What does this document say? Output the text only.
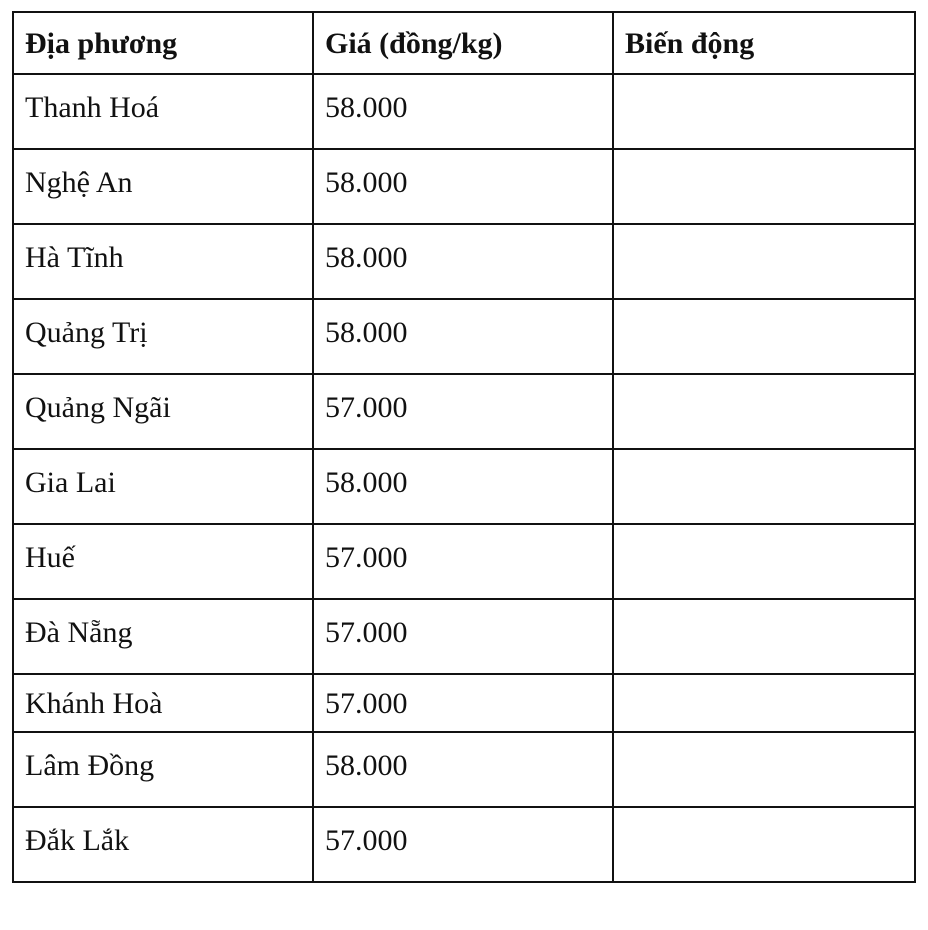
Địa phương	Giá (đồng/kg)	Biến động
Thanh Hoá	58.000	
Nghệ An	58.000	
Hà Tĩnh	58.000	
Quảng Trị	58.000	
Quảng Ngãi	57.000	
Gia Lai	58.000	
Huế	57.000	
Đà Nẵng	57.000	
Khánh Hoà	57.000	
Lâm Đồng	58.000	
Đắk Lắk	57.000	
